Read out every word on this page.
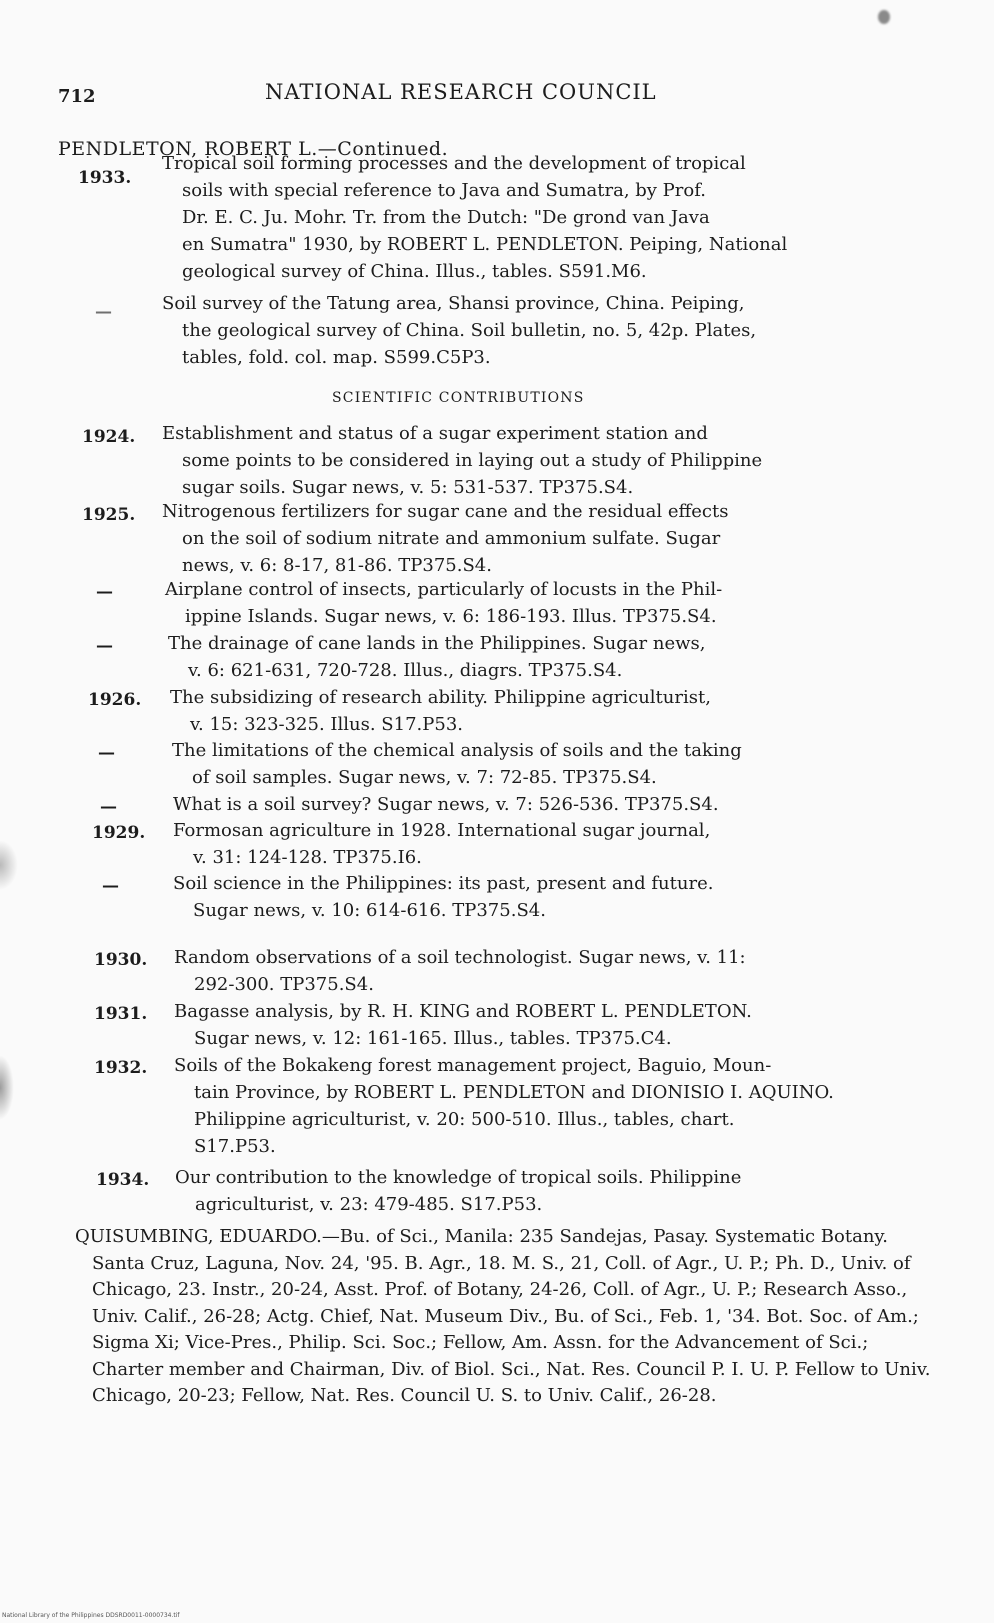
712	NATIONAL RESEARCH COUNCIL
PENDLETON, ROBERT L.—Continued.
1933.
Tropical soil forming processes and the development of tropical
soils with special reference to Java and Sumatra, by Prof.
Dr. E. C. Ju. Mohr. Tr. from the Dutch: "De grond van Java
en Sumatra" 1930, by ROBERT L. PENDLETON. Peiping, National
geological survey of China. Illus., tables. S591.M6.
—	Soil survey of the Tatung area, Shansi province, China. Peiping,
the geological survey of China. Soil bulletin, no. 5, 42p. Plates,
tables, fold. col. map. S599.C5P3.
SCIENTIFIC CONTRIBUTIONS
1924. Establishment and status of a sugar experiment station and
some points to be considered in laying out a study of Philippine
sugar soils. Sugar news, v. 5: 531-537. TP375.S4.
1925. Nitrogenous fertilizers for sugar cane and the residual effects
on the soil of sodium nitrate and ammonium sulfate. Sugar
news, v. 6: 8-17, 81-86. TP375.S4.
—	Airplane control of insects, particularly of locusts in the Phil-
ippine Islands. Sugar news, v. 6: 186-193. Illus. TP375.S4.
—	The drainage of cane lands in the Philippines. Sugar news,
v. 6: 621-631, 720-728. Illus., diagrs. TP375.S4.
1926. The subsidizing of research ability. Philippine agriculturist,
v. 15: 323-325. Illus. S17.P53.
—	The limitations of the chemical analysis of soils and the taking
of soil samples. Sugar news, v. 7: 72-85. TP375.S4.
—	What is a soil survey? Sugar news, v. 7: 526-536. TP375.S4.
1929. Formosan agriculture in 1928. International sugar journal,
v. 31: 124-128. TP375.I6.
—	Soil science in the Philippines: its past, present and future.
Sugar news, v. 10: 614-616. TP375.S4.
1930. Random observations of a soil technologist. Sugar news, v. 11:
292-300. TP375.S4.
1931. Bagasse analysis, by R. H. KING and ROBERT L. PENDLETON.
Sugar news, v. 12: 161-165. Illus., tables. TP375.C4.
1932. Soils of the Bokakeng forest management project, Baguio, Moun-
tain Province, by ROBERT L. PENDLETON and DIONISIO I. AQUINO.
Philippine agriculturist, v. 20: 500-510. Illus., tables, chart.
S17.P53.
1934. Our contribution to the knowledge of tropical soils. Philippine
agriculturist, v. 23: 479-485. S17.P53.
QUISUMBING, EDUARDO.—Bu. of Sci., Manila: 235 Sandejas, Pasay. Systematic Botany. Santa Cruz, Laguna, Nov. 24, '95. B. Agr., 18. M. S., 21, Coll. of Agr., U. P.; Ph. D., Univ. of Chicago, 23. Instr., 20-24, Asst. Prof. of Botany, 24-26, Coll. of Agr., U. P.; Research Asso., Univ. Calif., 26-28; Actg. Chief, Nat. Museum Div., Bu. of Sci., Feb. 1, '34. Bot. Soc. of Am.; Sigma Xi; Vice-Pres., Philip. Sci. Soc.; Fellow, Am. Assn. for the Advancement of Sci.; Charter member and Chairman, Div. of Biol. Sci., Nat. Res. Council P. I. U. P. Fellow to Univ. Chicago, 20-23; Fellow, Nat. Res. Council U. S. to Univ. Calif., 26-28.
National Library of the Philippines DDSRD0011-0000734.tif
